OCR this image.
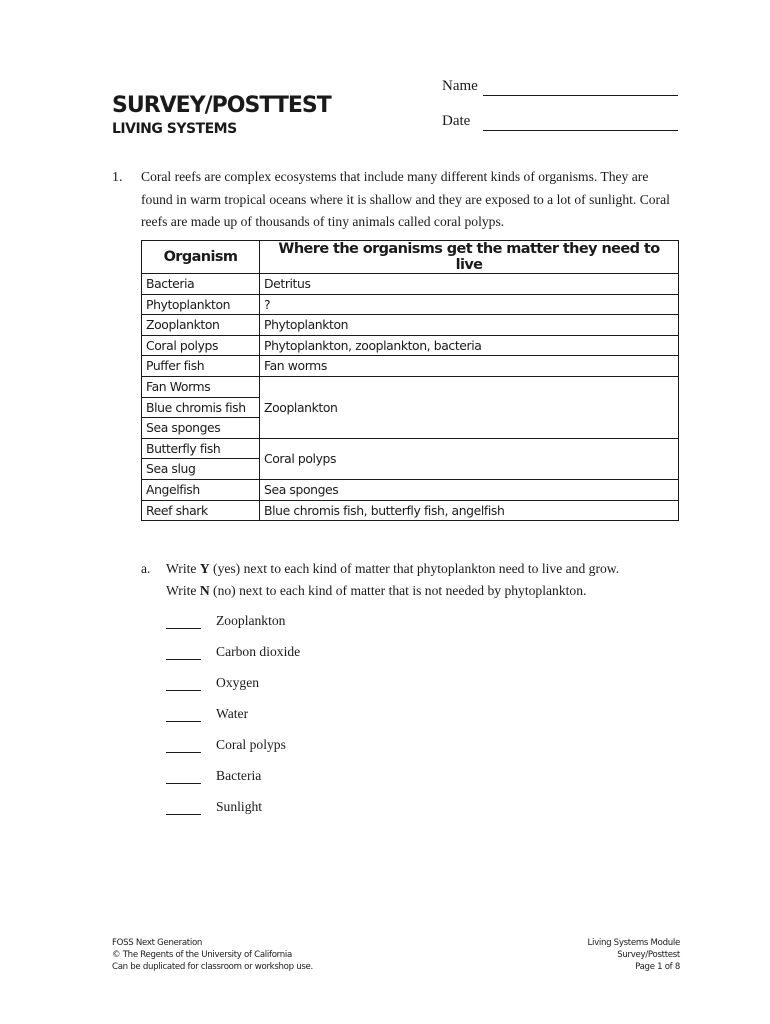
SURVEY/POSTTEST
LIVING SYSTEMS
Name
Date
1. Coral reefs are complex ecosystems that include many different kinds of organisms. They are found in warm tropical oceans where it is shallow and they are exposed to a lot of sunlight. Coral reefs are made up of thousands of tiny animals called coral polyps.
Organism	Where the organisms get the matter they need to live
Bacteria	Detritus
Phytoplankton	?
Zooplankton	Phytoplankton
Coral polyps	Phytoplankton, zooplankton, bacteria
Puffer fish	Fan worms
Fan Worms	Zooplankton
Blue chromis fish	
Sea sponges	
Butterfly fish	Coral polyps
Sea slug	
Angelfish	Sea sponges
Reef shark	Blue chromis fish, butterfly fish, angelfish
a. Write Y (yes) next to each kind of matter that phytoplankton need to live and grow.
Write N (no) next to each kind of matter that is not needed by phytoplankton.
Zooplankton
Carbon dioxide
Oxygen
Water
Coral polyps
Bacteria
Sunlight
FOSS Next Generation
© The Regents of the University of California
Can be duplicated for classroom or workshop use.
Living Systems Module
Survey/Posttest
Page 1 of 8
